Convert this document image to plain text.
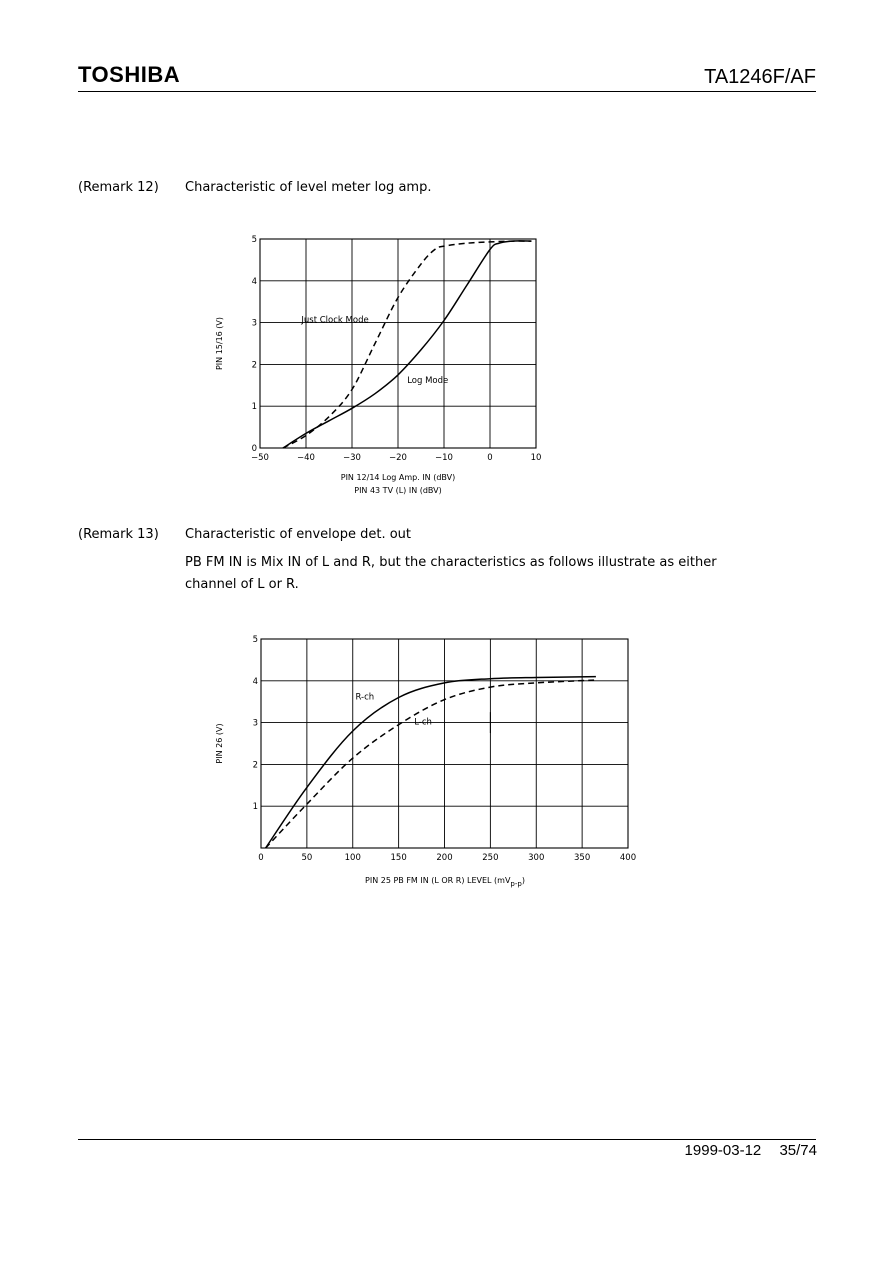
TOSHIBA	TA1246F/AF
(Remark 12) Characteristic of level meter log amp.
−50	−40	−30	−20	−10	0	10
0
1
2
3
4
5
PIN 15/16 (V)	Just Clock Mode
Log Mode
PIN 12/14 Log Amp. IN (dBV)
PIN 43 TV (L) IN (dBV)
(Remark 13) Characteristic of envelope det. out
PB FM IN is Mix IN of L and R, but the characteristics as follows illustrate as either
channel of L or R.
0	50	100	150	200	250	300	350	400
1
2
3
4
5
PIN 26 (V)
R-ch
L-ch
PIN 25 PB FM IN (L OR R) LEVEL (mVp-p)
1999-03-12 35/74
